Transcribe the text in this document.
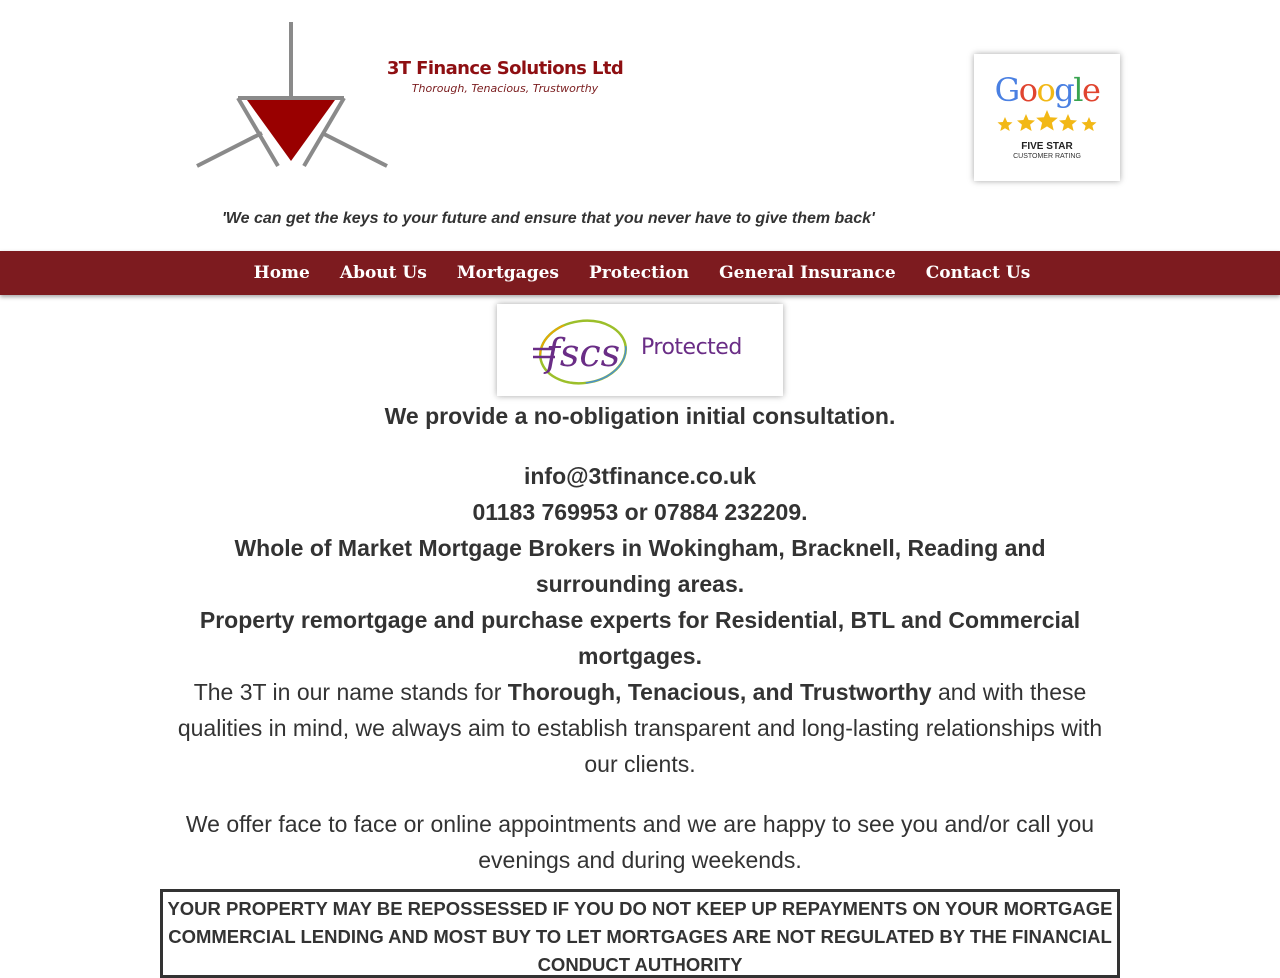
3T Finance Solutions Ltd
Thorough, Tenacious, Trustworthy	Google
FIVE STAR
CUSTOMER RATING
'We can get the keys to your future and ensure that you never have to give them back'
Home	About Us	Mortgages	Protection	General Insurance	Contact Us
fscs Protected

We provide a no-obligation initial consultation.

info@3tfinance.co.uk

01183 769953 or 07884 232209.

Whole of Market Mortgage Brokers in Wokingham, Bracknell, Reading and surrounding areas.

Property remortgage and purchase experts for Residential, BTL and Commercial mortgages.

The 3T in our name stands for Thorough, Tenacious, and Trustworthy and with these qualities in mind, we always aim to establish transparent and long-lasting relationships with our clients.

We offer face to face or online appointments and we are happy to see you and/or call you evenings and during weekends.

YOUR PROPERTY MAY BE REPOSSESSED IF YOU DO NOT KEEP UP REPAYMENTS ON YOUR MORTGAGE
COMMERCIAL LENDING AND MOST BUY TO LET MORTGAGES ARE NOT REGULATED BY THE FINANCIAL CONDUCT AUTHORITY
